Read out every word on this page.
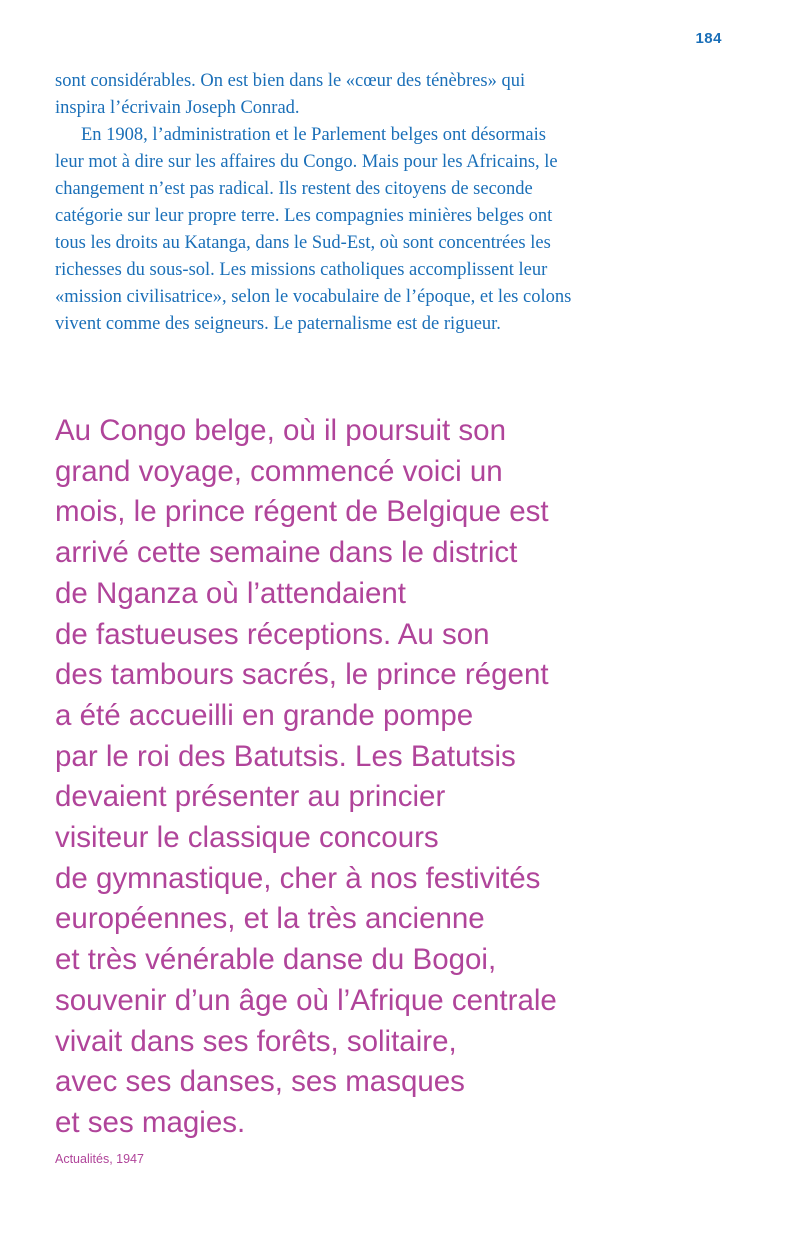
184

sont considérables. On est bien dans le «cœur des ténèbres» qui inspira l’écrivain Joseph Conrad.

En 1908, l’administration et le Parlement belges ont désormais leur mot à dire sur les affaires du Congo. Mais pour les Africains, le changement n’est pas radical. Ils restent des citoyens de seconde catégorie sur leur propre terre. Les compagnies minières belges ont tous les droits au Katanga, dans le Sud-Est, où sont concentrées les richesses du sous-sol. Les missions catholiques accomplissent leur «mission civilisatrice», selon le vocabulaire de l’époque, et les colons vivent comme des seigneurs. Le paternalisme est de rigueur.

Au Congo belge, où il poursuit son
grand voyage, commencé voici un
mois, le prince régent de Belgique est
arrivé cette semaine dans le district
de Nganza où l’attendaient
de fastueuses réceptions. Au son
des tambours sacrés, le prince régent
a été accueilli en grande pompe
par le roi des Batutsis. Les Batutsis
devaient présenter au princier
visiteur le classique concours
de gymnastique, cher à nos festivités
européennes, et la très ancienne
et très vénérable danse du Bogoi,
souvenir d’un âge où l’Afrique centrale
vivait dans ses forêts, solitaire,
avec ses danses, ses masques
et ses magies.
Actualités, 1947
